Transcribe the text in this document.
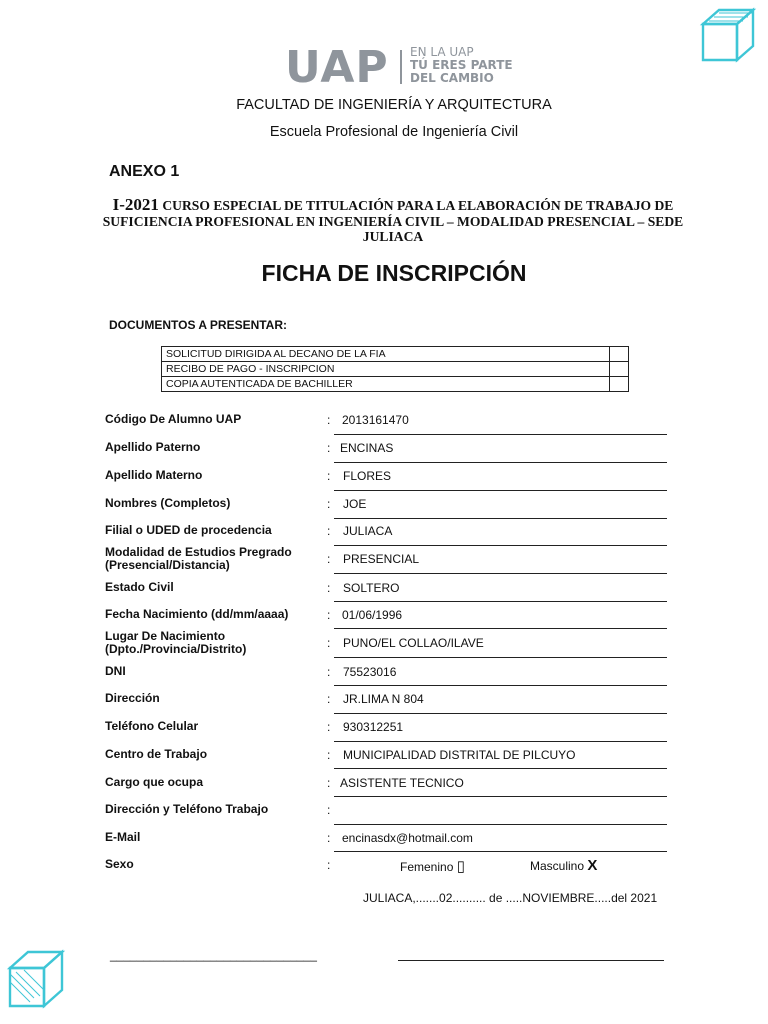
UAP EN LA UAP
TÚ ERES PARTE
DEL CAMBIO
FACULTAD DE INGENIERÍA Y ARQUITECTURA
Escuela Profesional de Ingeniería Civil
ANEXO 1
I-2021 CURSO ESPECIAL DE TITULACIÓN PARA LA ELABORACIÓN DE TRABAJO DE SUFICIENCIA PROFESIONAL EN INGENIERÍA CIVIL – MODALIDAD PRESENCIAL – SEDE JULIACA
FICHA DE INSCRIPCIÓN
DOCUMENTOS A PRESENTAR:
SOLICITUD DIRIGIDA AL DECANO DE LA FIA	
RECIBO DE PAGO - INSCRIPCION	
COPIA AUTENTICADA DE BACHILLER	
Código De Alumno UAP	: 2013161470
Apellido Paterno	: ENCINAS
Apellido Materno	: FLORES
Nombres (Completos)	: JOE
Filial o UDED de procedencia	: JULIACA
Modalidad de Estudios Pregrado (Presencial/Distancia)	: PRESENCIAL
Estado Civil	: SOLTERO
Fecha Nacimiento (dd/mm/aaaa)	: 01/06/1996
Lugar De Nacimiento (Dpto./Provincia/Distrito)	: PUNO/EL COLLAO/ILAVE
DNI	: 75523016
Dirección	: JR.LIMA N 804
Teléfono Celular	: 930312251
Centro de Trabajo	: MUNICIPALIDAD DISTRITAL DE PILCUYO
Cargo que ocupa	: ASISTENTE TECNICO
Dirección y Teléfono Trabajo	:
E-Mail	: encinasdx@hotmail.com
Sexo	:	Femenino ▯	Masculino X
JULIACA,.......02.......... de .....NOVIEMBRE.....del 2021
_______________________________
